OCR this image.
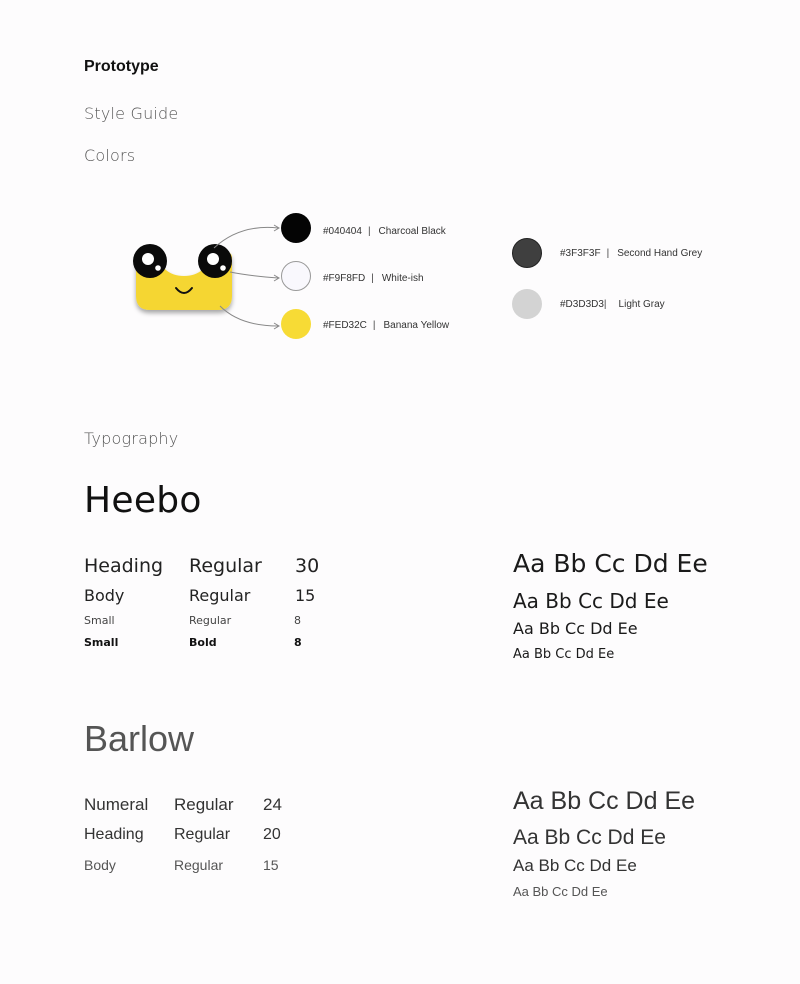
Prototype
Style Guide
Colors
#040404 | Charcoal Black
#F9F8FD | White-ish
#FED32C | Banana Yellow
#3F3F3F | Second Hand Grey
#D3D3D3| Light Gray
Typography
Heebo
Heading Regular 30
Body	Regular	15
Small	Regular	8
Small	Bold	8
Aa Bb Cc Dd Ee
Aa Bb Cc Dd Ee
Aa Bb Cc Dd Ee
Aa Bb Cc Dd Ee
Barlow
Numeral Regular 24
Heading Regular 20
Body	Regular	15
Aa Bb Cc Dd Ee
Aa Bb Cc Dd Ee
Aa Bb Cc Dd Ee
Aa Bb Cc Dd Ee
